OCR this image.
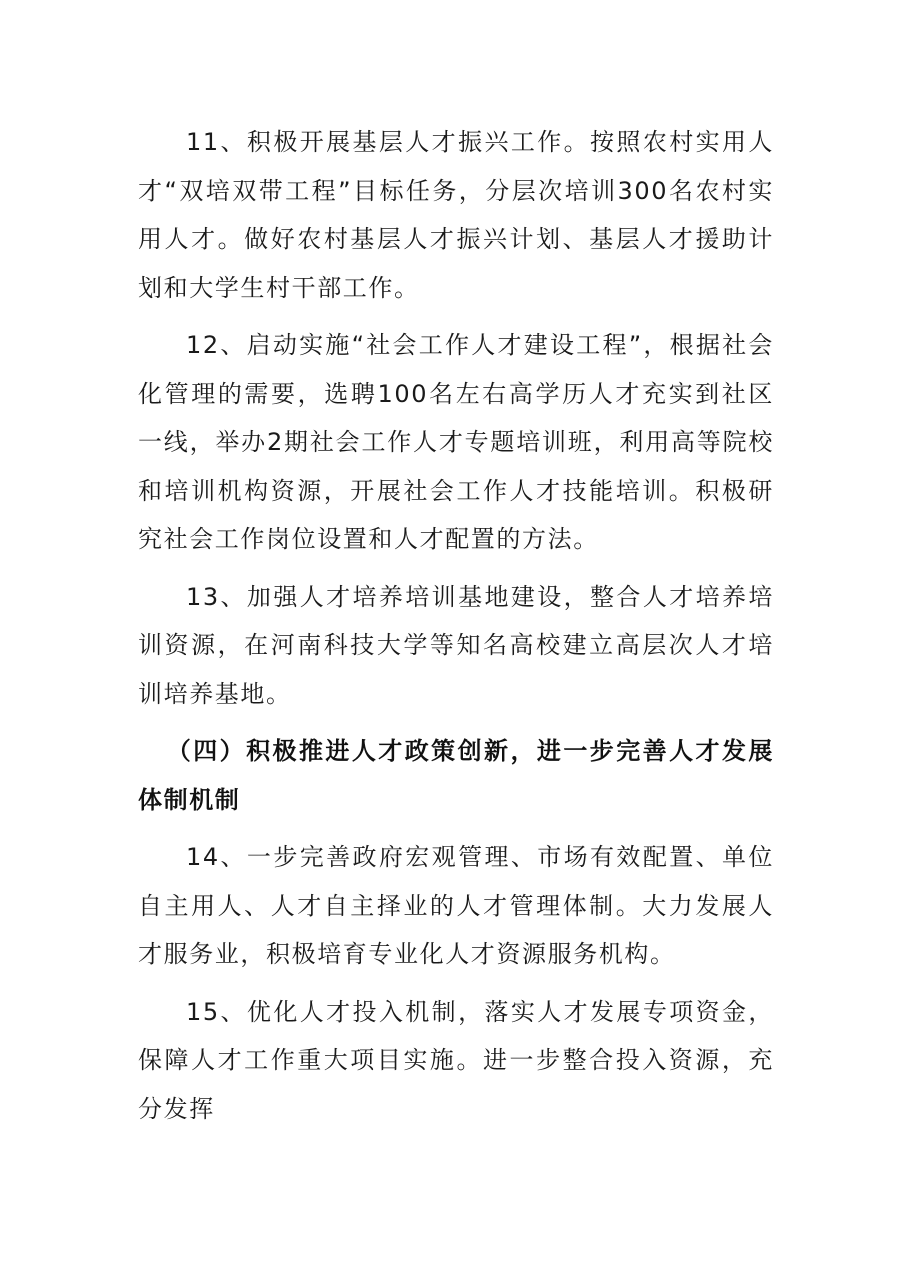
11、积极开展基层人才振兴工作。按照农村实用人才“双培双带工程”目标任务，分层次培训300名农村实用人才。做好农村基层人才振兴计划、基层人才援助计划和大学生村干部工作。

12、启动实施“社会工作人才建设工程”，根据社会化管理的需要，选聘100名左右高学历人才充实到社区一线，举办2期社会工作人才专题培训班，利用高等院校和培训机构资源，开展社会工作人才技能培训。积极研究社会工作岗位设置和人才配置的方法。

13、加强人才培养培训基地建设，整合人才培养培训资源，在河南科技大学等知名高校建立高层次人才培训培养基地。

（四）积极推进人才政策创新，进一步完善人才发展体制机制

14、一步完善政府宏观管理、市场有效配置、单位自主用人、人才自主择业的人才管理体制。大力发展人才服务业，积极培育专业化人才资源服务机构。

15、优化人才投入机制，落实人才发展专项资金，保障人才工作重大项目实施。进一步整合投入资源，充分发挥
